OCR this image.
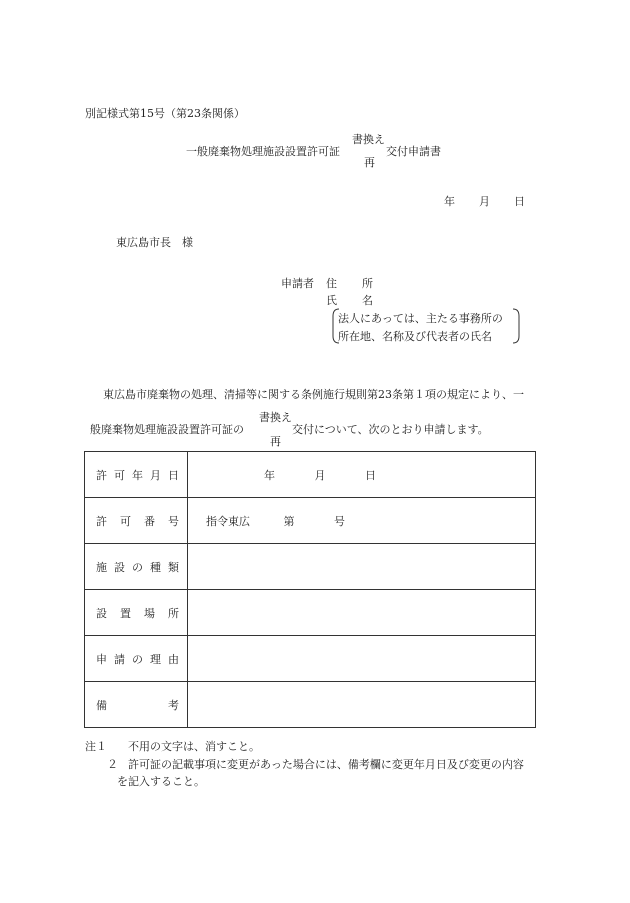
別記様式第15号（第23条関係）
書換え
一般廃棄物処理施設設置許可証	交付申請書
再
年 月 日
東広島市長　様
申請者 住 所
氏 名
法人にあっては、主たる事務所の
所在地、名称及び代表者の氏名
東広島市廃棄物の処理、清掃等に関する条例施行規則第23条第１項の規定により、一
書換え
般廃棄物処理施設設置許可証の	交付について、次のとおり申請します。
再
許 可 年 月 日	年 月 日

許 可 番 号	指令東広 第 号

施 設 の 種 類	

設 置 場 所	

申 請 の 理 由	

備 考	

注１ 不用の文字は、消すこと。
２ 許可証の記載事項に変更があった場合には、備考欄に変更年月日及び変更の内容
を記入すること。
